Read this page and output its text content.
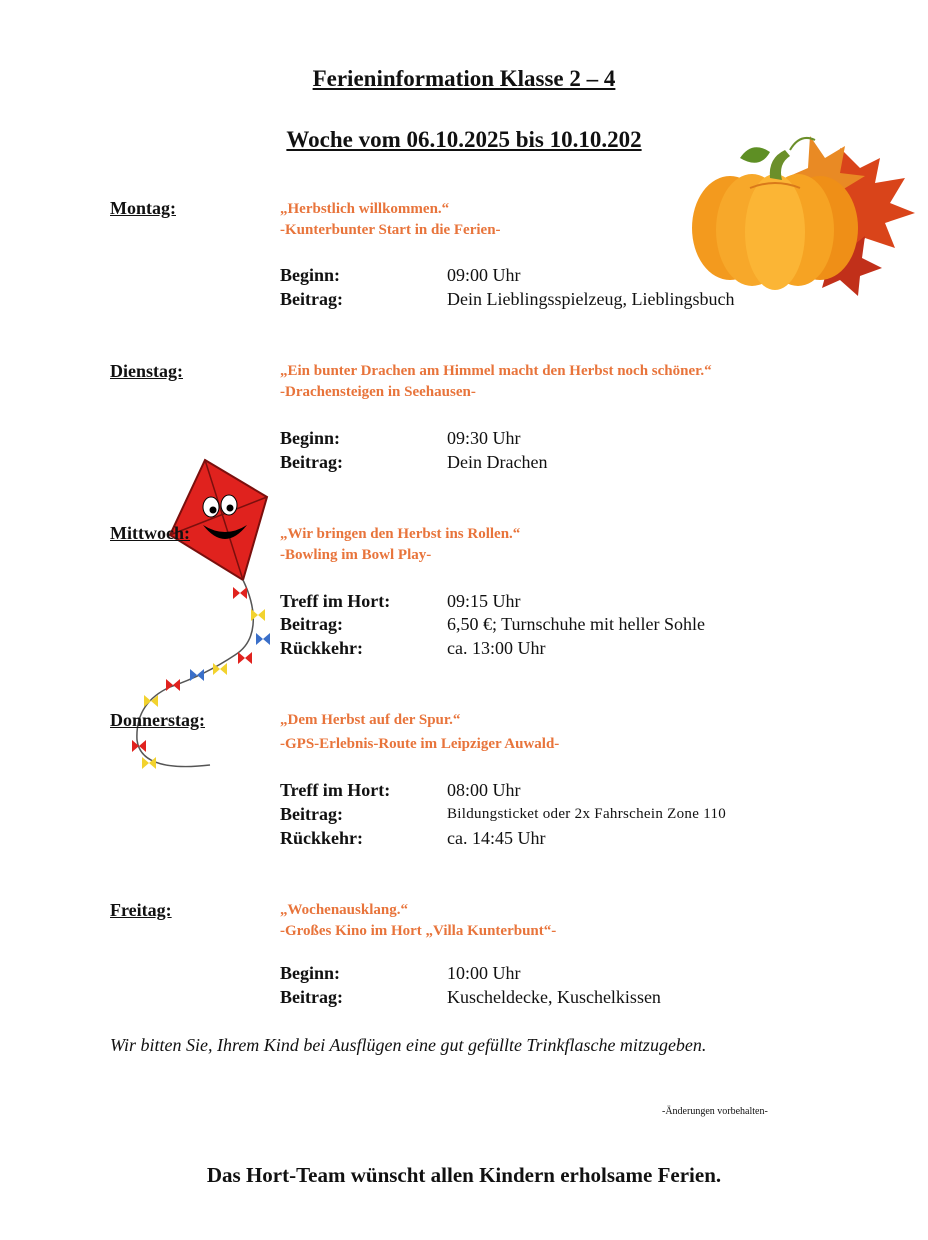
Ferieninformation Klasse 2 – 4
Woche vom 06.10.2025 bis 10.10.202
Montag:	„Herbstlich willkommen.“
-Kunterbunter Start in die Ferien-
Beginn:	09:00 Uhr
Beitrag:	Dein Lieblingsspielzeug, Lieblingsbuch
Dienstag:	„Ein bunter Drachen am Himmel macht den Herbst noch schöner.“
-Drachensteigen in Seehausen-
Beginn:	09:30 Uhr
Beitrag:	Dein Drachen
Mittwoch:	„Wir bringen den Herbst ins Rollen.“
-Bowling im Bowl Play-
Treff im Hort:	09:15 Uhr
Beitrag:	6,50 €; Turnschuhe mit heller Sohle
Rückkehr:	ca. 13:00 Uhr
Donnerstag:	„Dem Herbst auf der Spur.“
-GPS-Erlebnis-Route im Leipziger Auwald-
Treff im Hort:	08:00 Uhr
Beitrag:	Bildungsticket oder 2x Fahrschein Zone 110
Rückkehr:	ca. 14:45 Uhr
Freitag:	„Wochenausklang.“
-Großes Kino im Hort „Villa Kunterbunt“-
Beginn:	10:00 Uhr
Beitrag:	Kuscheldecke, Kuschelkissen
Wir bitten Sie, Ihrem Kind bei Ausflügen eine gut gefüllte Trinkflasche mitzugeben.
-Änderungen vorbehalten-
Das Hort-Team wünscht allen Kindern erholsame Ferien.
